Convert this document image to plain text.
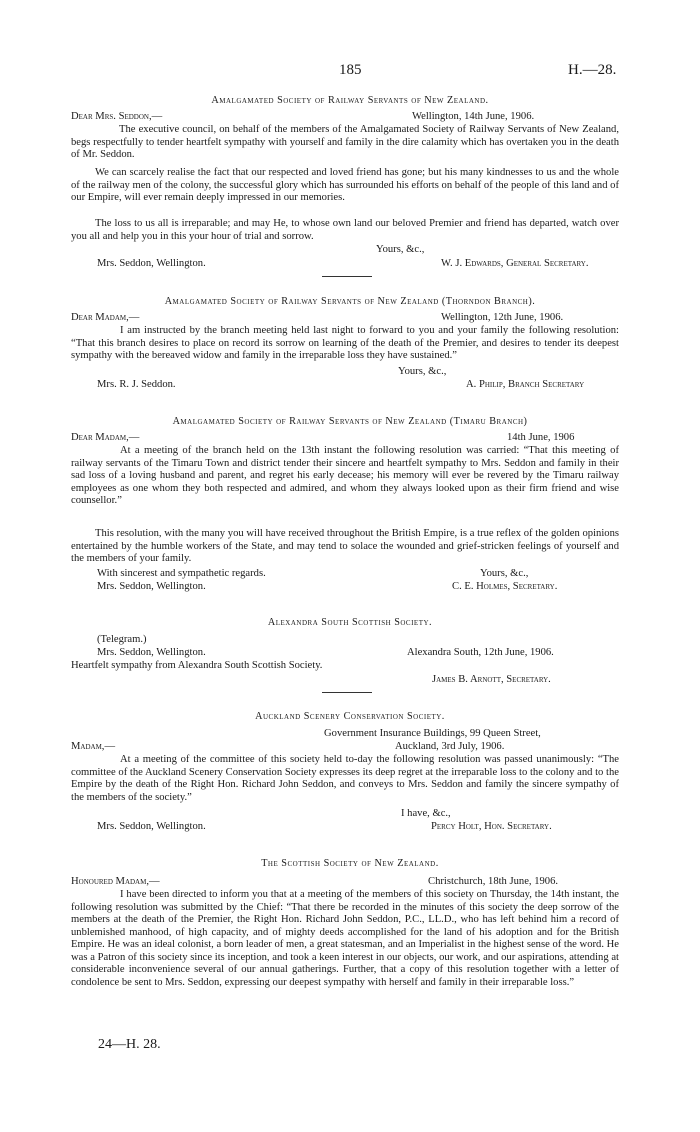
185	H.—28.
Amalgamated Society of Railway Servants of New Zealand.
Dear Mrs. Seddon,—	Wellington, 14th June, 1906.
The executive council, on behalf of the members of the Amalgamated Society of Railway Servants of New Zealand, begs respectfully to tender heartfelt sympathy with yourself and family in the dire calamity which has overtaken you in the death of Mr. Seddon.
We can scarcely realise the fact that our respected and loved friend has gone; but his many kindnesses to us and the whole of the railway men of the colony, the successful glory which has surrounded his efforts on behalf of the people of this land and of our Empire, will ever remain deeply impressed in our memories.
The loss to us all is irreparable; and may He, to whose own land our beloved Premier and friend has departed, watch over you all and help you in this your hour of trial and sorrow.
Yours, &c.,
Mrs. Seddon, Wellington.	W. J. Edwards, General Secretary.
Amalgamated Society of Railway Servants of New Zealand (Thorndon Branch).
Dear Madam,—	Wellington, 12th June, 1906.
I am instructed by the branch meeting held last night to forward to you and your family the following resolution: “That this branch desires to place on record its sorrow on learning of the death of the Premier, and desires to tender its deepest sympathy with the bereaved widow and family in the irreparable loss they have sustained.”
Yours, &c.,
Mrs. R. J. Seddon.	A. Philip, Branch Secretary
Amalgamated Society of Railway Servants of New Zealand (Timaru Branch)
Dear Madam,—	14th June, 1906
At a meeting of the branch held on the 13th instant the following resolution was carried: “That this meeting of railway servants of the Timaru Town and district tender their sincere and heartfelt sympathy to Mrs. Seddon and family in their sad loss of a loving husband and parent, and regret his early decease; his memory will ever be revered by the Timaru railway employees as one whom they both respected and admired, and whom they always looked upon as their firm friend and wise counsellor.”
This resolution, with the many you will have received throughout the British Empire, is a true reflex of the golden opinions entertained by the humble workers of the State, and may tend to solace the wounded and grief-stricken feelings of yourself and the members of your family.
With sincerest and sympathetic regards.	Yours, &c.,
Mrs. Seddon, Wellington.	C. E. Holmes, Secretary.
Alexandra South Scottish Society.
(Telegram.)
Mrs. Seddon, Wellington.	Alexandra South, 12th June, 1906.
Heartfelt sympathy from Alexandra South Scottish Society.
James B. Arnott, Secretary.
Auckland Scenery Conservation Society.
Government Insurance Buildings, 99 Queen Street,
Auckland, 3rd July, 1906.
Madam,—
At a meeting of the committee of this society held to-day the following resolution was passed unanimously: “The committee of the Auckland Scenery Conservation Society expresses its deep regret at the irreparable loss to the colony and to the Empire by the death of the Right Hon. Richard John Seddon, and conveys to Mrs. Seddon and family the sincere sympathy of the members of the society.”
I have, &c.,
Mrs. Seddon, Wellington.	Percy Holt, Hon. Secretary.
The Scottish Society of New Zealand.
Honoured Madam,—	Christchurch, 18th June, 1906.
I have been directed to inform you that at a meeting of the members of this society on Thursday, the 14th instant, the following resolution was submitted by the Chief: “That there be recorded in the minutes of this society the deep sorrow of the members at the death of the Premier, the Right Hon. Richard John Seddon, P.C., LL.D., who has left behind him a record of unblemished manhood, of high capacity, and of mighty deeds accomplished for the land of his adoption and for the British Empire. He was an ideal colonist, a born leader of men, a great statesman, and an Imperialist in the highest sense of the word. He was a Patron of this society since its inception, and took a keen interest in our objects, our work, and our aspirations, attending at considerable inconvenience several of our annual gatherings. Further, that a copy of this resolution together with a letter of condolence be sent to Mrs. Seddon, expressing our deepest sympathy with herself and family in their irreparable loss.”
24—H. 28.
